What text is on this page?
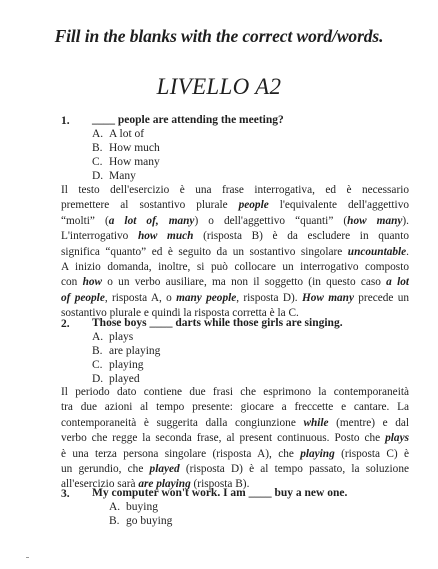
Fill in the blanks with the correct word/words.
LIVELLO A2
1. ____ people are attending the meeting?
A. A lot of
B. How much
C. How many
D. Many
Il testo dell'esercizio è una frase interrogativa, ed è necessario
premettere al sostantivo plurale people l'equivalente dell'aggettivo
“molti” (a lot of, many) o dell'aggettivo “quanti” (how many).
L'interrogativo how much (risposta B) è da escludere in quanto
significa “quanto” ed è seguito da un sostantivo singolare uncountable.
A inizio domanda, inoltre, si può collocare un interrogativo composto
con how o un verbo ausiliare, ma non il soggetto (in questo caso a lot
of people, risposta A, o many people, risposta D). How many precede un
sostantivo plurale e quindi la risposta corretta è la C.
2. Those boys ____ darts while those girls are singing.
A. plays
B. are playing
C. playing
D. played
Il periodo dato contiene due frasi che esprimono la contemporaneità
tra due azioni al tempo presente: giocare a freccette e cantare. La
contemporaneità è suggerita dalla congiunzione while (mentre) e dal
verbo che regge la seconda frase, al present continuous. Posto che plays
è una terza persona singolare (risposta A), che playing (risposta C) è
un gerundio, che played (risposta D) è al tempo passato, la soluzione
all'esercizio sarà are playing (risposta B).
3. My computer won't work. I am ____ buy a new one.
A. buying
B. go buying
